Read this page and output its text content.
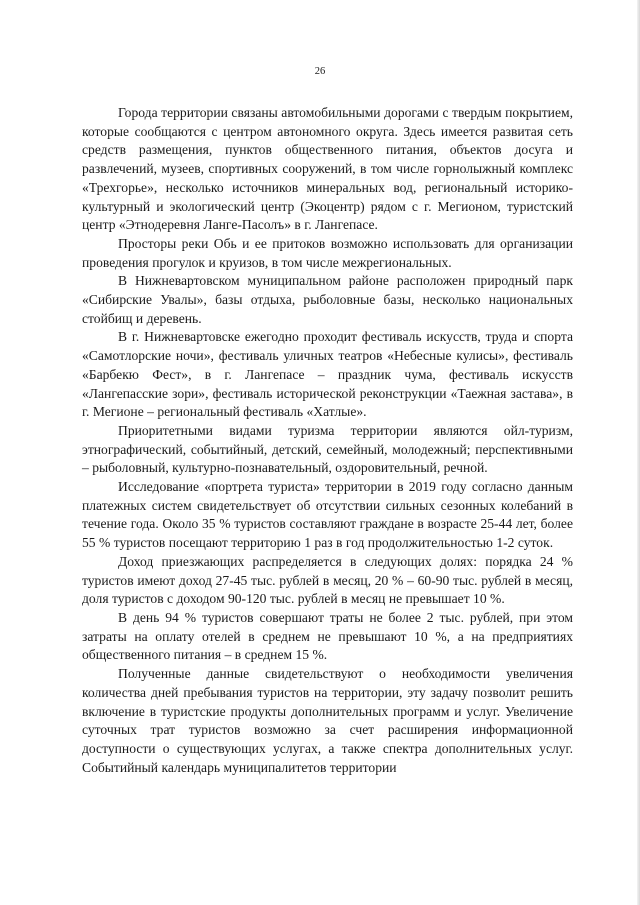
26

Города территории связаны автомобильными дорогами с твердым покрытием, которые сообщаются с центром автономного округа. Здесь имеется развитая сеть средств размещения, пунктов общественного питания, объектов досуга и развлечений, музеев, спортивных сооружений, в том числе горнолыжный комплекс «Трехгорье», несколько источников минеральных вод, региональный историко-культурный и экологический центр (Экоцентр) рядом с г. Мегионом, туристский центр «Этнодеревня Ланге-Пасолъ» в г. Лангепасе.

Просторы реки Обь и ее притоков возможно использовать для организации проведения прогулок и круизов, в том числе межрегиональных.

В Нижневартовском муниципальном районе расположен природный парк «Сибирские Увалы», базы отдыха, рыболовные базы, несколько национальных стойбищ и деревень.

В г. Нижневартовске ежегодно проходит фестиваль искусств, труда и спорта «Самотлорские ночи», фестиваль уличных театров «Небесные кулисы», фестиваль «Барбекю Фест», в г. Лангепасе – праздник чума, фестиваль искусств «Лангепасские зори», фестиваль исторической реконструкции «Таежная застава», в г. Мегионе – региональный фестиваль «Хатлые».

Приоритетными видами туризма территории являются ойл-туризм, этнографический, событийный, детский, семейный, молодежный; перспективными – рыболовный, культурно-познавательный, оздоровительный, речной.

Исследование «портрета туриста» территории в 2019 году согласно данным платежных систем свидетельствует об отсутствии сильных сезонных колебаний в течение года. Около 35 % туристов составляют граждане в возрасте 25-44 лет, более 55 % туристов посещают территорию 1 раз в год продолжительностью 1-2 суток.

Доход приезжающих распределяется в следующих долях: порядка 24 % туристов имеют доход 27-45 тыс. рублей в месяц, 20 % – 60-90 тыс. рублей в месяц, доля туристов с доходом 90-120 тыс. рублей в месяц не превышает 10 %.

В день 94 % туристов совершают траты не более 2 тыс. рублей, при этом затраты на оплату отелей в среднем не превышают 10 %, а на предприятиях общественного питания – в среднем 15 %.

Полученные данные свидетельствуют о необходимости увеличения количества дней пребывания туристов на территории, эту задачу позволит решить включение в туристские продукты дополнительных программ и услуг. Увеличение суточных трат туристов возможно за счет расширения информационной доступности о существующих услугах, а также спектра дополнительных услуг. Событийный календарь муниципалитетов территории
